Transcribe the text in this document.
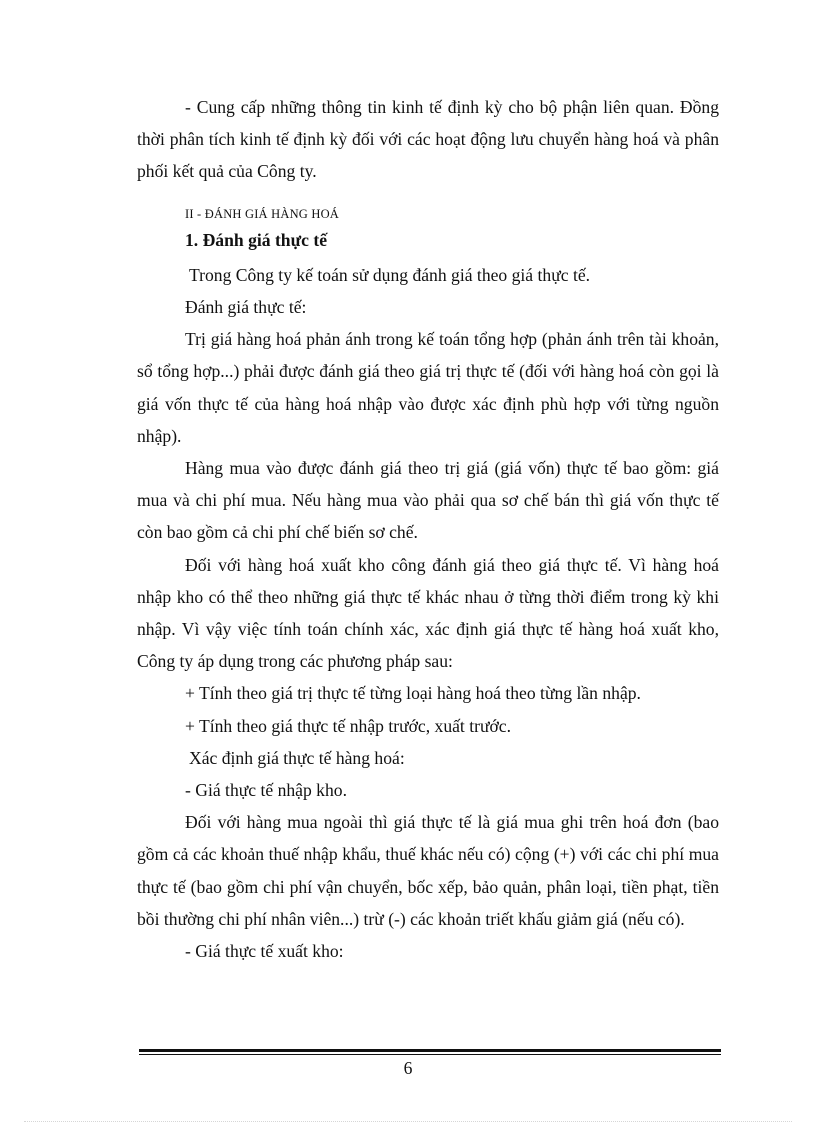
- Cung cấp những thông tin kinh tế định kỳ cho bộ phận liên quan. Đồng thời phân tích kinh tế định kỳ đối với các hoạt động lưu chuyển hàng hoá và phân phối kết quả của Công ty.

II - ĐÁNH GIÁ HÀNG HOÁ

1. Đánh giá thực tế

Trong Công ty kế toán sử dụng đánh giá theo giá thực tế.

Đánh giá thực tế:

Trị giá hàng hoá phản ánh trong kế toán tổng hợp (phản ánh trên tài khoản, sổ tổng hợp...) phải được đánh giá theo giá trị thực tế (đối với hàng hoá còn gọi là giá vốn thực tế của hàng hoá nhập vào được xác định phù hợp với từng nguồn nhập).

Hàng mua vào được đánh giá theo trị giá (giá vốn) thực tế bao gồm: giá mua và chi phí mua. Nếu hàng mua vào phải qua sơ chế bán thì giá vốn thực tế còn bao gồm cả chi phí chế biến sơ chế.

Đối với hàng hoá xuất kho công đánh giá theo giá thực tế. Vì hàng hoá nhập kho có thể theo những giá thực tế khác nhau ở từng thời điểm trong kỳ khi nhập. Vì vậy việc tính toán chính xác, xác định giá thực tế hàng hoá xuất kho, Công ty áp dụng trong các phương pháp sau:

+ Tính theo giá trị thực tế từng loại hàng hoá theo từng lần nhập.

+ Tính theo giá thực tế nhập trước, xuất trước.

Xác định giá thực tế hàng hoá:

- Giá thực tế nhập kho.

Đối với hàng mua ngoài thì giá thực tế là giá mua ghi trên hoá đơn (bao gồm cả các khoản thuế nhập khẩu, thuế khác nếu có) cộng (+) với các chi phí mua thực tế (bao gồm chi phí vận chuyển, bốc xếp, bảo quản, phân loại, tiền phạt, tiền bồi thường chi phí nhân viên...) trừ (-) các khoản triết khấu giảm giá (nếu có).

- Giá thực tế xuất kho:

6
